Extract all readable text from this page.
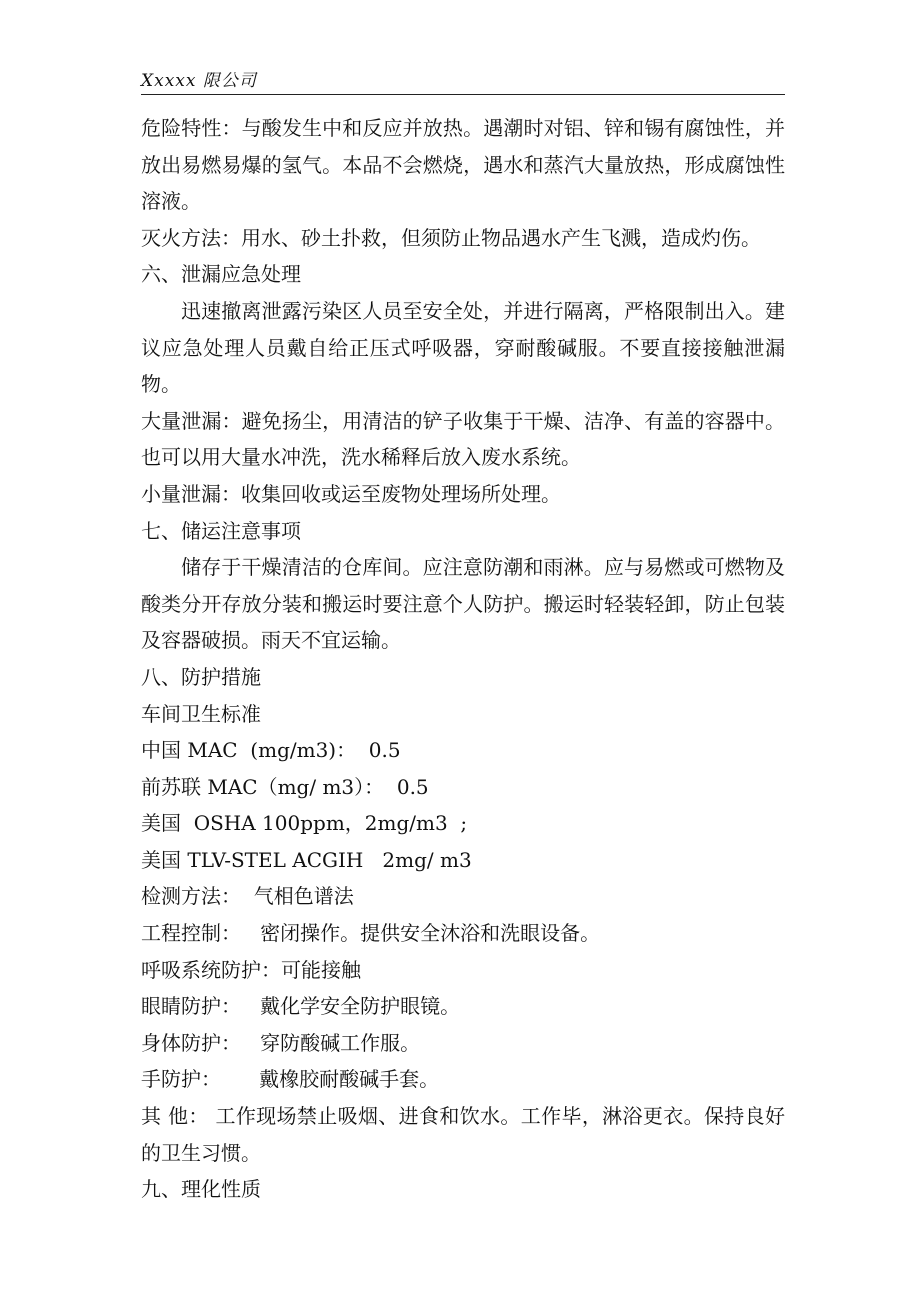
Xxxxx 限公司

危险特性：与酸发生中和反应并放热。遇潮时对铝、锌和锡有腐蚀性，并放出易燃易爆的氢气。本品不会燃烧，遇水和蒸汽大量放热，形成腐蚀性溶液。

灭火方法：用水、砂土扑救，但须防止物品遇水产生飞溅，造成灼伤。

六、泄漏应急处理

迅速撤离泄露污染区人员至安全处，并进行隔离，严格限制出入。建议应急处理人员戴自给正压式呼吸器，穿耐酸碱服。不要直接接触泄漏物。

大量泄漏：避免扬尘，用清洁的铲子收集于干燥、洁净、有盖的容器中。也可以用大量水冲洗，洗水稀释后放入废水系统。

小量泄漏：收集回收或运至废物处理场所处理。

七、储运注意事项

储存于干燥清洁的仓库间。应注意防潮和雨淋。应与易燃或可燃物及酸类分开存放分装和搬运时要注意个人防护。搬运时轻装轻卸，防止包装及容器破损。雨天不宜运输。

八、防护措施

车间卫生标准

中国 MAC  (mg/m3)：  0.5

前苏联 MAC（mg/ m3）：  0.5

美国  OSHA 100ppm，2mg/m3  ;

美国 TLV-STEL ACGIH   2mg/ m3

检测方法：  气相色谱法

工程控制：   密闭操作。提供安全沐浴和洗眼设备。

呼吸系统防护：可能接触

眼睛防护：   戴化学安全防护眼镜。

身体防护：   穿防酸碱工作服。

手防护：      戴橡胶耐酸碱手套。

其 他： 工作现场禁止吸烟、进食和饮水。工作毕，淋浴更衣。保持良好的卫生习惯。

九、理化性质
